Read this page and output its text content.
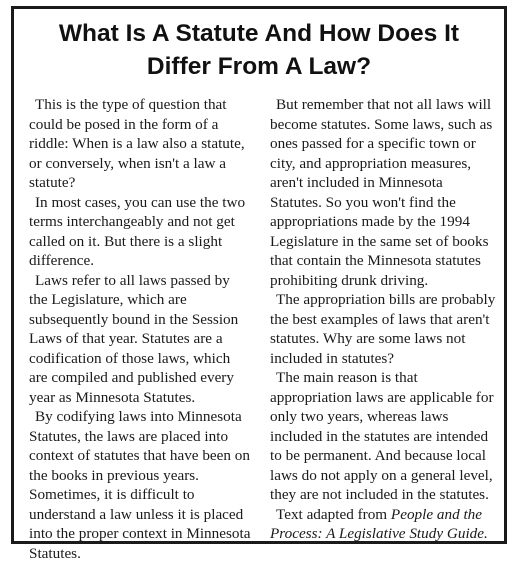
What Is A Statute And How Does It
Differ From A Law?

This is the type of question that
could be posed in the form of a
riddle: When is a law also a statute,
or conversely, when isn't a law a
statute?

In most cases, you can use the two
terms interchangeably and not get
called on it. But there is a slight
difference.

Laws refer to all laws passed by
the Legislature, which are
subsequently bound in the Session
Laws of that year. Statutes are a
codification of those laws, which
are compiled and published every
year as Minnesota Statutes.

By codifying laws into Minnesota
Statutes, the laws are placed into
context of statutes that have been on
the books in previous years.
Sometimes, it is difficult to
understand a law unless it is placed
into the proper context in Minnesota
Statutes.

But remember that not all laws will
become statutes. Some laws, such as
ones passed for a specific town or
city, and appropriation measures,
aren't included in Minnesota
Statutes. So you won't find the
appropriations made by the 1994
Legislature in the same set of books
that contain the Minnesota statutes
prohibiting drunk driving.

The appropriation bills are probably
the best examples of laws that aren't
statutes. Why are some laws not
included in statutes?

The main reason is that
appropriation laws are applicable for
only two years, whereas laws
included in the statutes are intended
to be permanent. And because local
laws do not apply on a general level,
they are not included in the statutes.

Text adapted from People and the
Process: A Legislative Study Guide.
